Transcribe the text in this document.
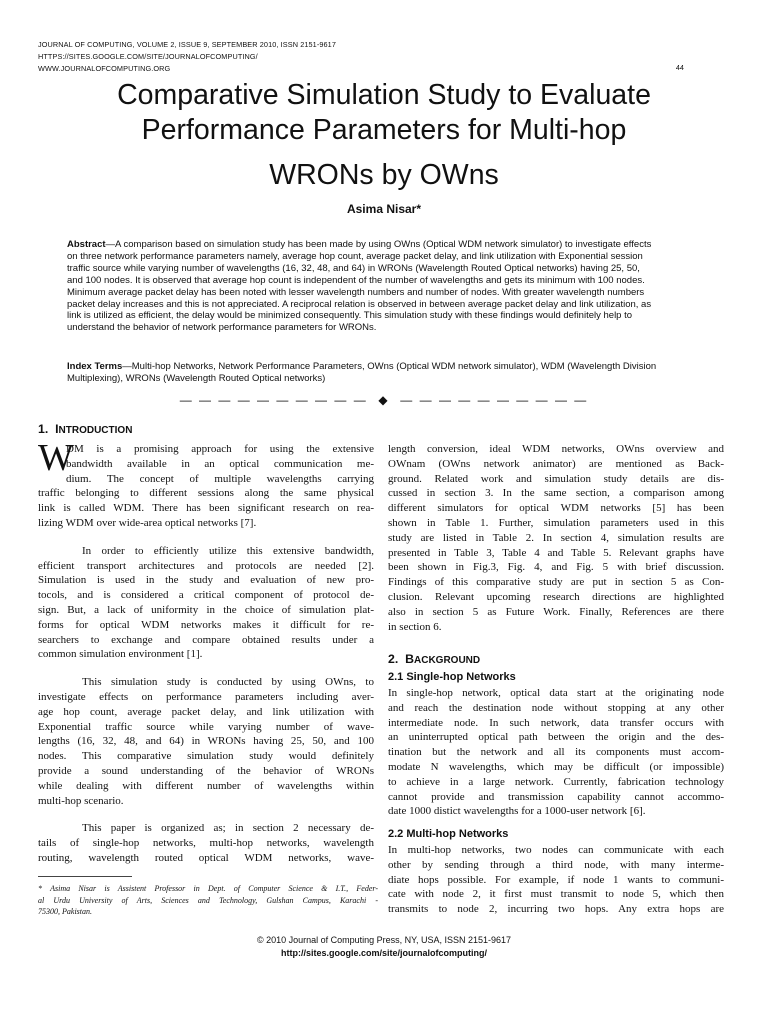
JOURNAL OF COMPUTING, VOLUME 2, ISSUE 9, SEPTEMBER 2010, ISSN 2151-9617
HTTPS://SITES.GOOGLE.COM/SITE/JOURNALOFCOMPUTING/
WWW.JOURNALOFCOMPUTING.ORG	44
Comparative Simulation Study to Evaluate
Performance Parameters for Multi-hop
WRONs by OWns
Asima Nisar*
Abstract—A comparison based on simulation study has been made by using OWns (Optical WDM network simulator) to investigate effects
on three network performance parameters namely, average hop count, average packet delay, and link utilization with Exponential session
traffic source while varying number of wavelengths (16, 32, 48, and 64) in WRONs (Wavelength Routed Optical networks) having 25, 50,
and 100 nodes. It is observed that average hop count is independent of the number of wavelengths and gets its minimum with 100 nodes.
Minimum average packet delay has been noted with lesser wavelength numbers and number of nodes. With greater wavelength numbers
packet delay increases and this is not appreciated. A reciprocal relation is observed in between average packet delay and link utilization, as
link is utilized as efficient, the delay would be minimized consequently. This simulation study with these findings would definitely help to
understand the behavior of network performance parameters for WRONs.
Index Terms—Multi-hop Networks, Network Performance Parameters, OWns (Optical WDM network simulator), WDM (Wavelength Division
Multiplexing), WRONs (Wavelength Routed Optical networks)
— — — — — — — — — — ◆ — — — — — — — — — —
1. INTRODUCTION
W
DM is a promising approach for using the extensive
bandwidth available in an optical communication me-
dium. The concept of multiple wavelengths carrying
traffic belonging to different sessions along the same physical
link is called WDM. There has been significant research on rea-
lizing WDM over wide-area optical networks [7].
In order to efficiently utilize this extensive bandwidth,
efficient transport architectures and protocols are needed [2].
Simulation is used in the study and evaluation of new pro-
tocols, and is considered a critical component of protocol de-
sign. But, a lack of uniformity in the choice of simulation plat-
forms for optical WDM networks makes it difficult for re-
searchers to exchange and compare obtained results under a
common simulation environment [1].
This simulation study is conducted by using OWns, to
investigate effects on performance parameters including aver-
age hop count, average packet delay, and link utilization with
Exponential traffic source while varying number of wave-
lengths (16, 32, 48, and 64) in WRONs having 25, 50, and 100
nodes. This comparative simulation study would definitely
provide a sound understanding of the behavior of WRONs
while dealing with different number of wavelengths within
multi-hop scenario.
This paper is organized as; in section 2 necessary de-
tails of single-hop networks, multi-hop networks, wavelength
routing, wavelength routed optical WDM networks, wave-
* Asima Nisar is Assistent Professor in Dept. of Computer Science & I.T., Feder-
al Urdu University of Arts, Sciences and Technology, Gulshan Campus, Karachi -
75300, Pakistan.
length conversion, ideal WDM networks, OWns overview and
OWnam (OWns network animator) are mentioned as Back-
ground. Related work and simulation study details are dis-
cussed in section 3. In the same section, a comparison among
different simulators for optical WDM networks [5] has been
shown in Table 1. Further, simulation parameters used in this
study are listed in Table 2. In section 4, simulation results are
presented in Table 3, Table 4 and Table 5. Relevant graphs have
been shown in Fig.3, Fig. 4, and Fig. 5 with brief discussion.
Findings of this comparative study are put in section 5 as Con-
clusion. Relevant upcoming research directions are highlighted
also in section 5 as Future Work. Finally, References are there
in section 6.
2. BACKGROUND
2.1 Single-hop Networks
In single-hop network, optical data start at the originating node
and reach the destination node without stopping at any other
intermediate node. In such network, data transfer occurs with
an uninterrupted optical path between the origin and the des-
tination but the network and all its components must accom-
modate N wavelengths, which may be difficult (or impossible)
to achieve in a large network. Currently, fabrication technology
cannot provide and transmission capability cannot accommo-
date 1000 distict wavelengths for a 1000-user network [6].
2.2 Multi-hop Networks
In multi-hop networks, two nodes can communicate with each
other by sending through a third node, with many interme-
diate hops possible. For example, if node 1 wants to communi-
cate with node 2, it first must transmit to node 5, which then
transmits to node 2, incurring two hops. Any extra hops are
© 2010 Journal of Computing Press, NY, USA, ISSN 2151-9617
http://sites.google.com/site/journalofcomputing/
